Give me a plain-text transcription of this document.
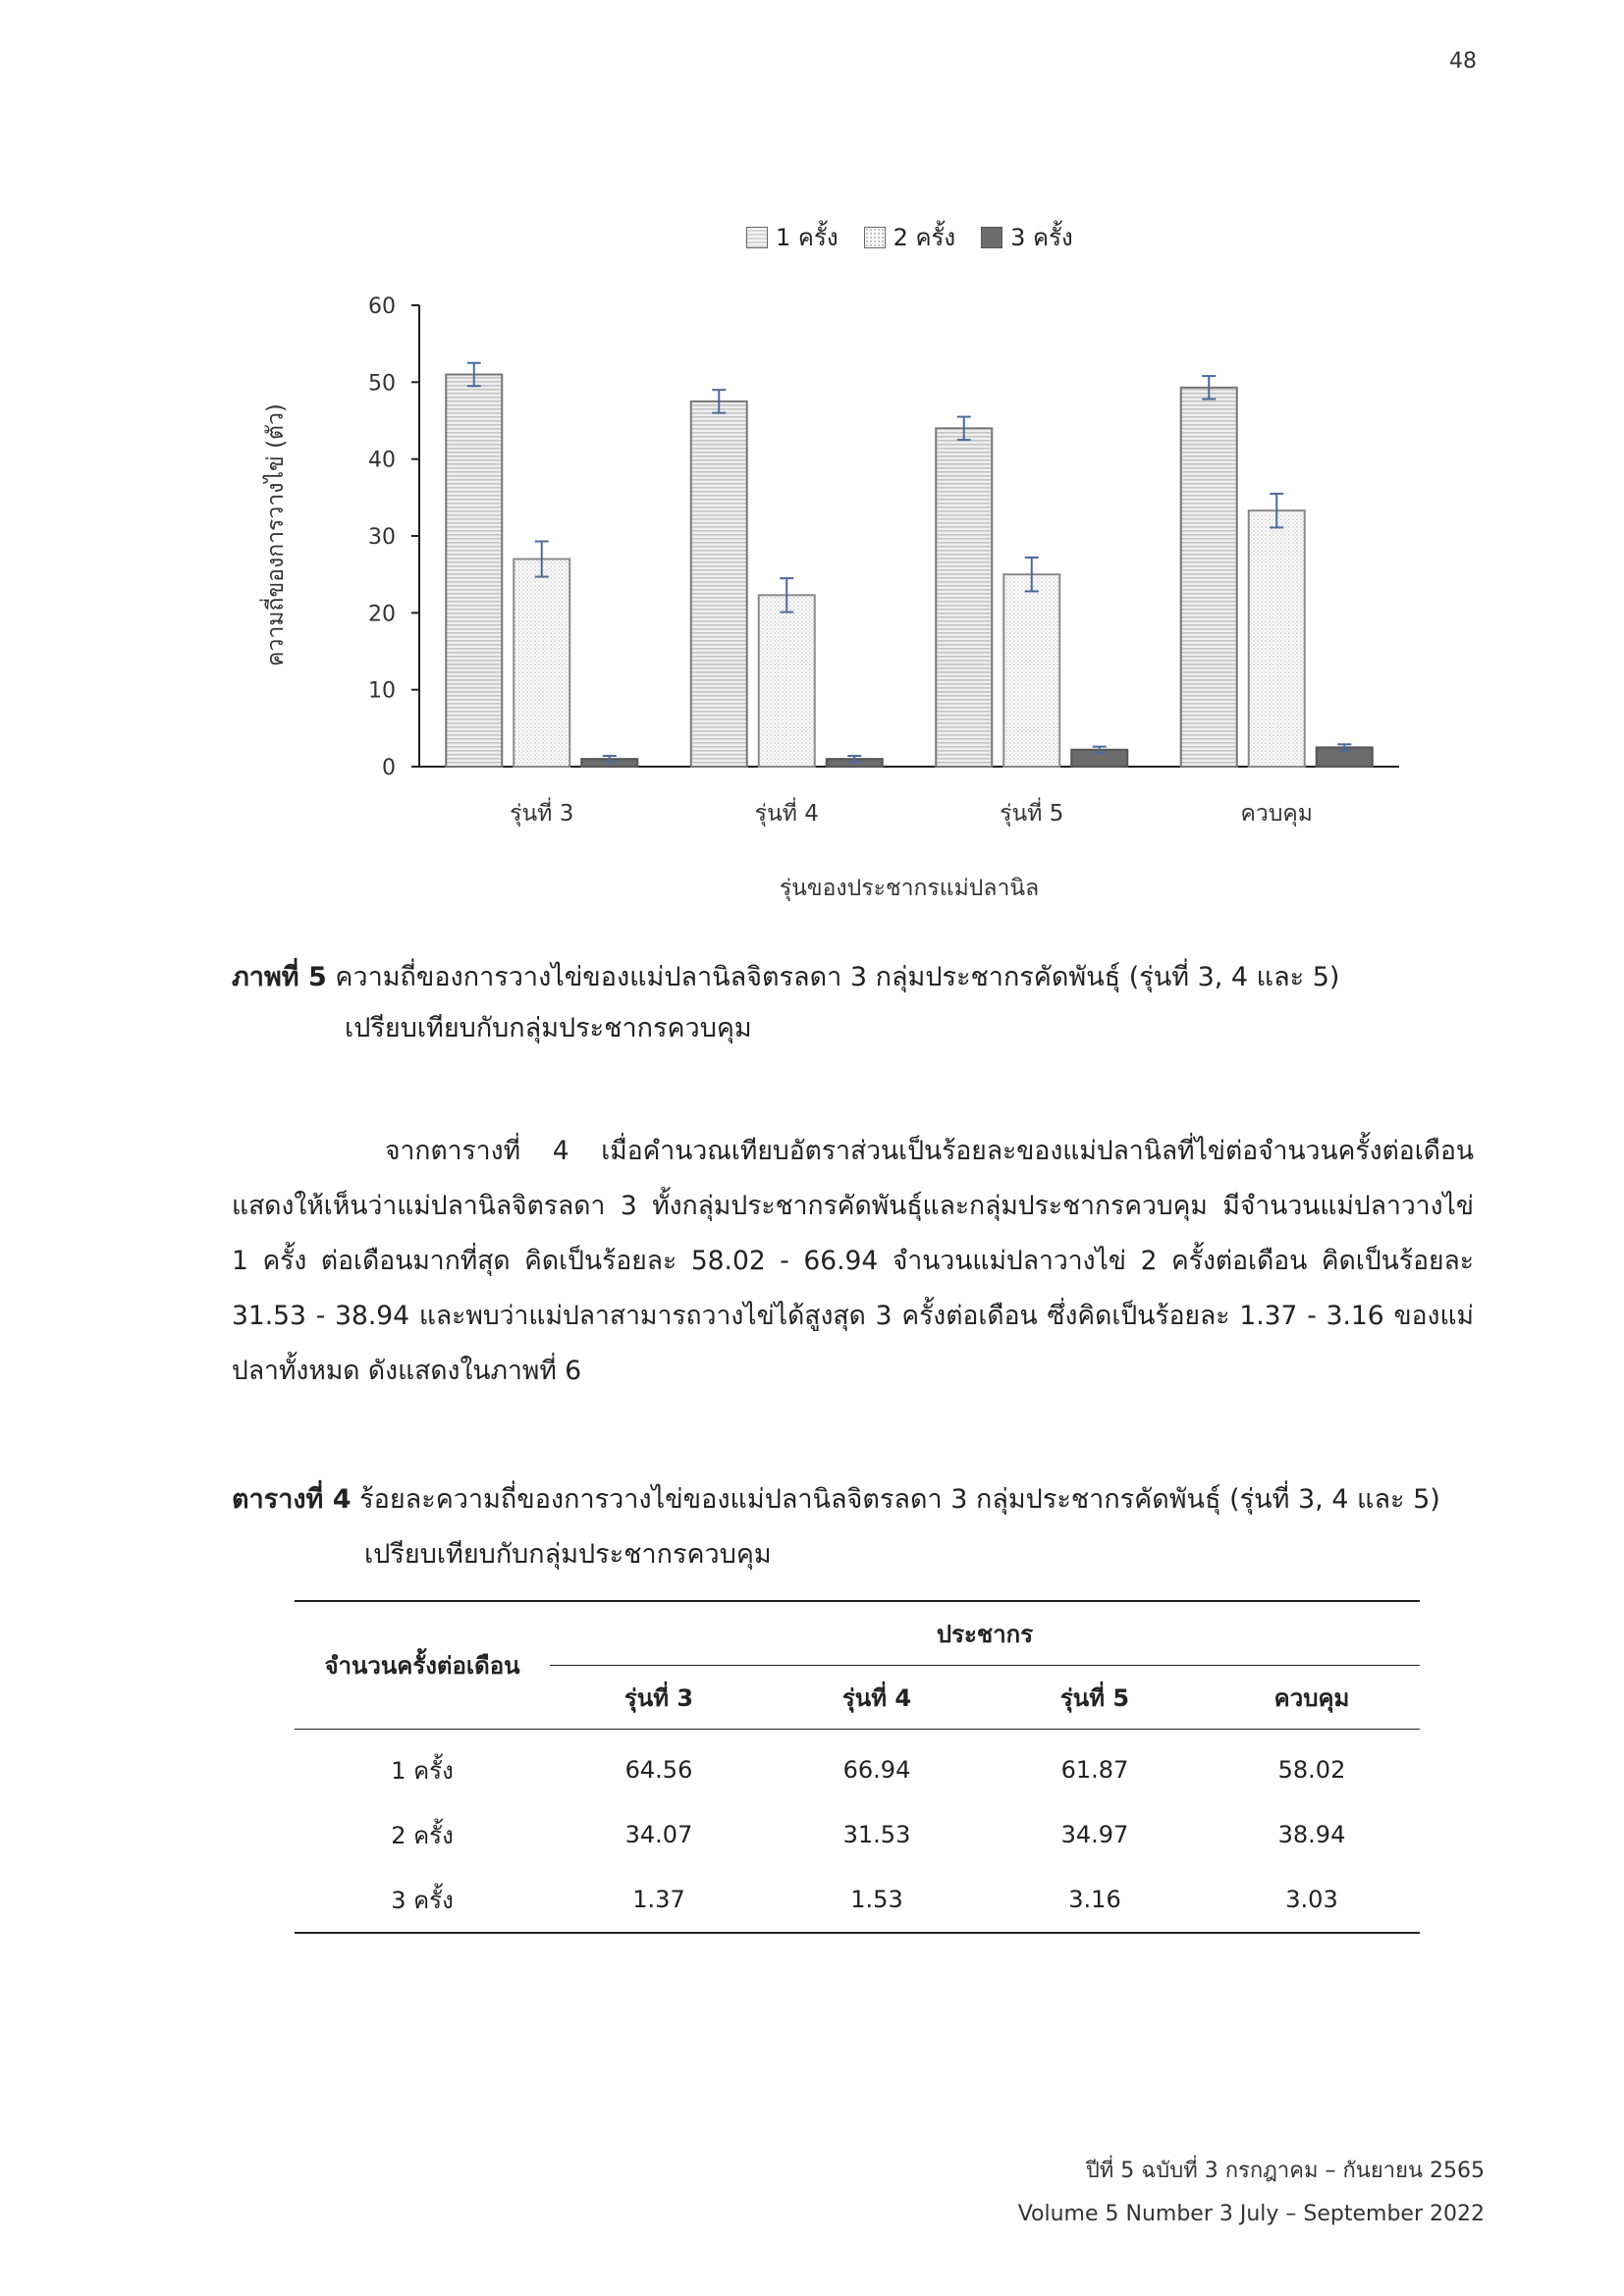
48
1 ครั้ง 2 ครั้ง 3 ครั้ง
0
10
20
30
40
50
60
รุ่นที่ 3	รุ่นที่ 4	รุ่นที่ 5	ควบคุม
รุ่นของประชากรแม่ปลานิล
ความถี่ของการวางไข่ (ตัว)
ภาพที่ 5 ความถี่ของการวางไข่ของแม่ปลานิลจิตรลดา 3 กลุ่มประชากรคัดพันธุ์ (รุ่นที่ 3, 4 และ 5)
เปรียบเทียบกับกลุ่มประชากรควบคุม

จากตารางที่ 4 เมื่อคำนวณเทียบอัตราส่วนเป็นร้อยละของแม่ปลานิลที่ไข่ต่อจำนวนครั้งต่อเดือน แสดงให้เห็นว่าแม่ปลานิลจิตรลดา 3 ทั้งกลุ่มประชากรคัดพันธุ์และกลุ่มประชากรควบคุม มีจำนวนแม่ปลาวางไข่ 1 ครั้ง ต่อเดือนมากที่สุด คิดเป็นร้อยละ 58.02 - 66.94 จำนวนแม่ปลาวางไข่ 2 ครั้งต่อเดือน คิดเป็นร้อยละ 31.53 - 38.94 และพบว่าแม่ปลาสามารถวางไข่ได้สูงสุด 3 ครั้งต่อเดือน ซึ่งคิดเป็นร้อยละ 1.37 - 3.16 ของแม่ปลาทั้งหมด ดังแสดงในภาพที่ 6

ตารางที่ 4 ร้อยละความถี่ของการวางไข่ของแม่ปลานิลจิตรลดา 3 กลุ่มประชากรคัดพันธุ์ (รุ่นที่ 3, 4 และ 5)
เปรียบเทียบกับกลุ่มประชากรควบคุม
จำนวนครั้งต่อเดือน	ประชากร			
	รุ่นที่ 3	รุ่นที่ 4	รุ่นที่ 5	ควบคุม
1 ครั้ง	64.56	66.94	61.87	58.02
2 ครั้ง	34.07	31.53	34.97	38.94
3 ครั้ง	1.37	1.53	3.16	3.03
ปีที่ 5 ฉบับที่ 3 กรกฎาคม – กันยายน 2565
Volume 5 Number 3 July – September 2022
